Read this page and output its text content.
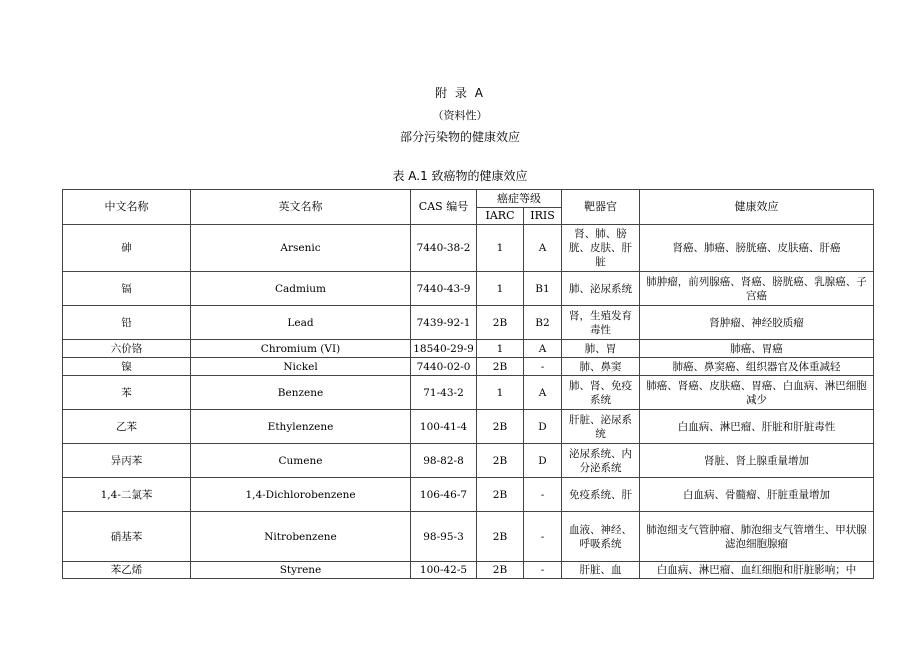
附 录 A
（资料性）
部分污染物的健康效应
表 A.1 致癌物的健康效应
中文名称	英文名称	CAS 编号	癌症等级		靶器官	健康效应
			IARC	IRIS		
砷	Arsenic	7440-38-2	1	A	肾、肺、膀胱、皮肤、肝脏	肾癌、肺癌、膀胱癌、皮肤癌、肝癌
镉	Cadmium	7440-43-9	1	B1	肺、泌尿系统	肺肿瘤，前列腺癌、肾癌、膀胱癌、乳腺癌、子宫癌
铅	Lead	7439-92-1	2B	B2	肾，生殖发育毒性	肾肿瘤、神经胶质瘤
六价铬	Chromium (VI)	18540-29-9	1	A	肺、胃	肺癌、胃癌
镍	Nickel	7440-02-0	2B	-	肺、鼻窦	肺癌、鼻窦癌、组织器官及体重减轻
苯	Benzene	71-43-2	1	A	肺、肾、免疫系统	肺癌、肾癌、皮肤癌、胃癌、白血病、淋巴细胞减少
乙苯	Ethylenzene	100-41-4	2B	D	肝脏、泌尿系统	白血病、淋巴瘤、肝脏和肝脏毒性
异丙苯	Cumene	98-82-8	2B	D	泌尿系统、内分泌系统	肾脏、肾上腺重量增加
1,4-二氯苯	1,4-Dichlorobenzene	106-46-7	2B	-	免疫系统、肝	白血病、骨髓瘤、肝脏重量增加
硝基苯	Nitrobenzene	98-95-3	2B	-	血液、神经、呼吸系统	肺泡细支气管肿瘤、肺泡细支气管增生、甲状腺滤泡细胞腺瘤
苯乙烯	Styrene	100-42-5	2B	-	肝脏、血	白血病、淋巴瘤、血红细胞和肝脏影响；中
